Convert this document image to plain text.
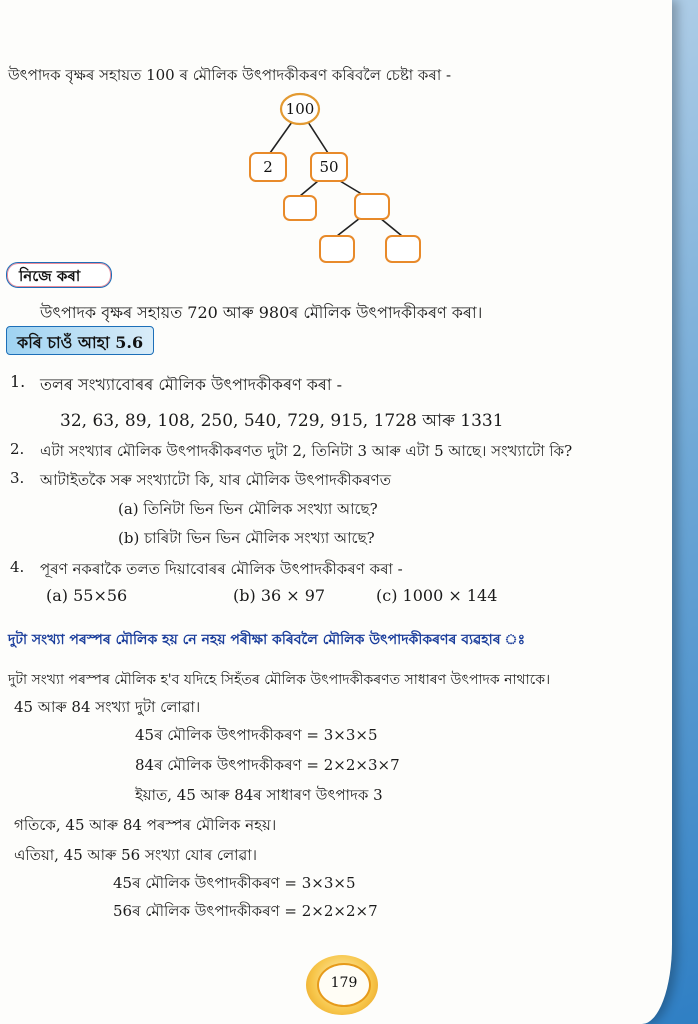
উৎপাদক বৃক্ষৰ সহায়ত 100 ৰ মৌলিক উৎপাদকীকৰণ কৰিবলৈ চেষ্টা কৰা -
100
2	50
নিজে কৰা
উৎপাদক বৃক্ষৰ সহায়ত 720 আৰু 980ৰ মৌলিক উৎপাদকীকৰণ কৰা।
কৰি চাওঁ আহা 5.6
1. তলৰ সংখ্যাবোৰৰ মৌলিক উৎপাদকীকৰণ কৰা -
32, 63, 89, 108, 250, 540, 729, 915, 1728 আৰু 1331
2. এটা সংখ্যাৰ মৌলিক উৎপাদকীকৰণত দুটা 2, তিনিটা 3 আৰু এটা 5 আছে। সংখ্যাটো কি?
3. আটাইতকৈ সৰু সংখ্যাটো কি, যাৰ মৌলিক উৎপাদকীকৰণত
(a) তিনিটা ভিন ভিন মৌলিক সংখ্যা আছে?
(b) চাৰিটা ভিন ভিন মৌলিক সংখ্যা আছে?
4. পূৰণ নকৰাকৈ তলত দিয়াবোৰৰ মৌলিক উৎপাদকীকৰণ কৰা -
(a) 55×56	(b) 36 × 97	(c) 1000 × 144
দুটা সংখ্যা পৰস্পৰ মৌলিক হয় নে নহয় পৰীক্ষা কৰিবলৈ মৌলিক উৎপাদকীকৰণৰ ব্যৱহাৰ ঃ
দুটা সংখ্যা পৰস্পৰ মৌলিক হ'ব যদিহে সিহঁতৰ মৌলিক উৎপাদকীকৰণত সাধাৰণ উৎপাদক নাথাকে।
45 আৰু 84 সংখ্যা দুটা লোৱা।
45ৰ মৌলিক উৎপাদকীকৰণ = 3×3×5
84ৰ মৌলিক উৎপাদকীকৰণ = 2×2×3×7
ইয়াত, 45 আৰু 84ৰ সাধাৰণ উৎপাদক 3
গতিকে, 45 আৰু 84 পৰস্পৰ মৌলিক নহয়।
এতিয়া, 45 আৰু 56 সংখ্যা যোৰ লোৱা।
45ৰ মৌলিক উৎপাদকীকৰণ = 3×3×5
56ৰ মৌলিক উৎপাদকীকৰণ = 2×2×2×7
179
